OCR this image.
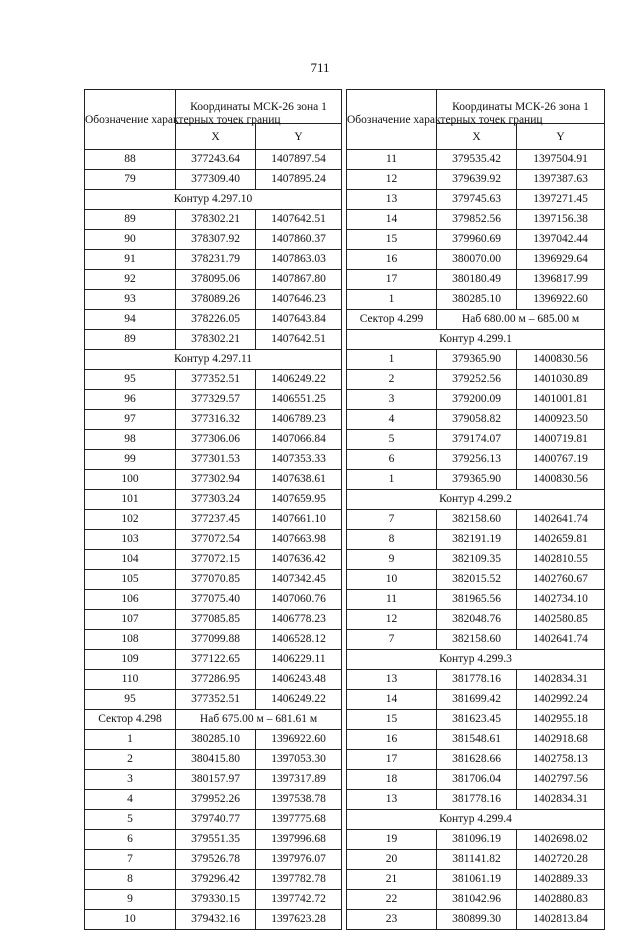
711
Обозначение характерных точек границ	Координаты МСК-26 зона 1	
	X	Y
88	377243.64	1407897.54
79	377309.40	1407895.24
Контур 4.297.10		
89	378302.21	1407642.51
90	378307.92	1407860.37
91	378231.79	1407863.03
92	378095.06	1407867.80
93	378089.26	1407646.23
94	378226.05	1407643.84
89	378302.21	1407642.51
Контур 4.297.11		
95	377352.51	1406249.22
96	377329.57	1406551.25
97	377316.32	1406789.23
98	377306.06	1407066.84
99	377301.53	1407353.33
100	377302.94	1407638.61
101	377303.24	1407659.95
102	377237.45	1407661.10
103	377072.54	1407663.98
104	377072.15	1407636.42
105	377070.85	1407342.45
106	377075.40	1407060.76
107	377085.85	1406778.23
108	377099.88	1406528.12
109	377122.65	1406229.11
110	377286.95	1406243.48
95	377352.51	1406249.22
Сектор 4.298	Наб 675.00 м – 681.61 м	
1	380285.10	1396922.60
2	380415.80	1397053.30
3	380157.97	1397317.89
4	379952.26	1397538.78
5	379740.77	1397775.68
6	379551.35	1397996.68
7	379526.78	1397976.07
8	379296.42	1397782.78
9	379330.15	1397742.72
10	379432.16	1397623.28
Обозначение характерных точек границ	Координаты МСК-26 зона 1	
	X	Y
11	379535.42	1397504.91
12	379639.92	1397387.63
13	379745.63	1397271.45
14	379852.56	1397156.38
15	379960.69	1397042.44
16	380070.00	1396929.64
17	380180.49	1396817.99
1	380285.10	1396922.60
Сектор 4.299	Наб 680.00 м – 685.00 м	
Контур 4.299.1		
1	379365.90	1400830.56
2	379252.56	1401030.89
3	379200.09	1401001.81
4	379058.82	1400923.50
5	379174.07	1400719.81
6	379256.13	1400767.19
1	379365.90	1400830.56
Контур 4.299.2		
7	382158.60	1402641.74
8	382191.19	1402659.81
9	382109.35	1402810.55
10	382015.52	1402760.67
11	381965.56	1402734.10
12	382048.76	1402580.85
7	382158.60	1402641.74
Контур 4.299.3		
13	381778.16	1402834.31
14	381699.42	1402992.24
15	381623.45	1402955.18
16	381548.61	1402918.68
17	381628.66	1402758.13
18	381706.04	1402797.56
13	381778.16	1402834.31
Контур 4.299.4		
19	381096.19	1402698.02
20	381141.82	1402720.28
21	381061.19	1402889.33
22	381042.96	1402880.83
23	380899.30	1402813.84
